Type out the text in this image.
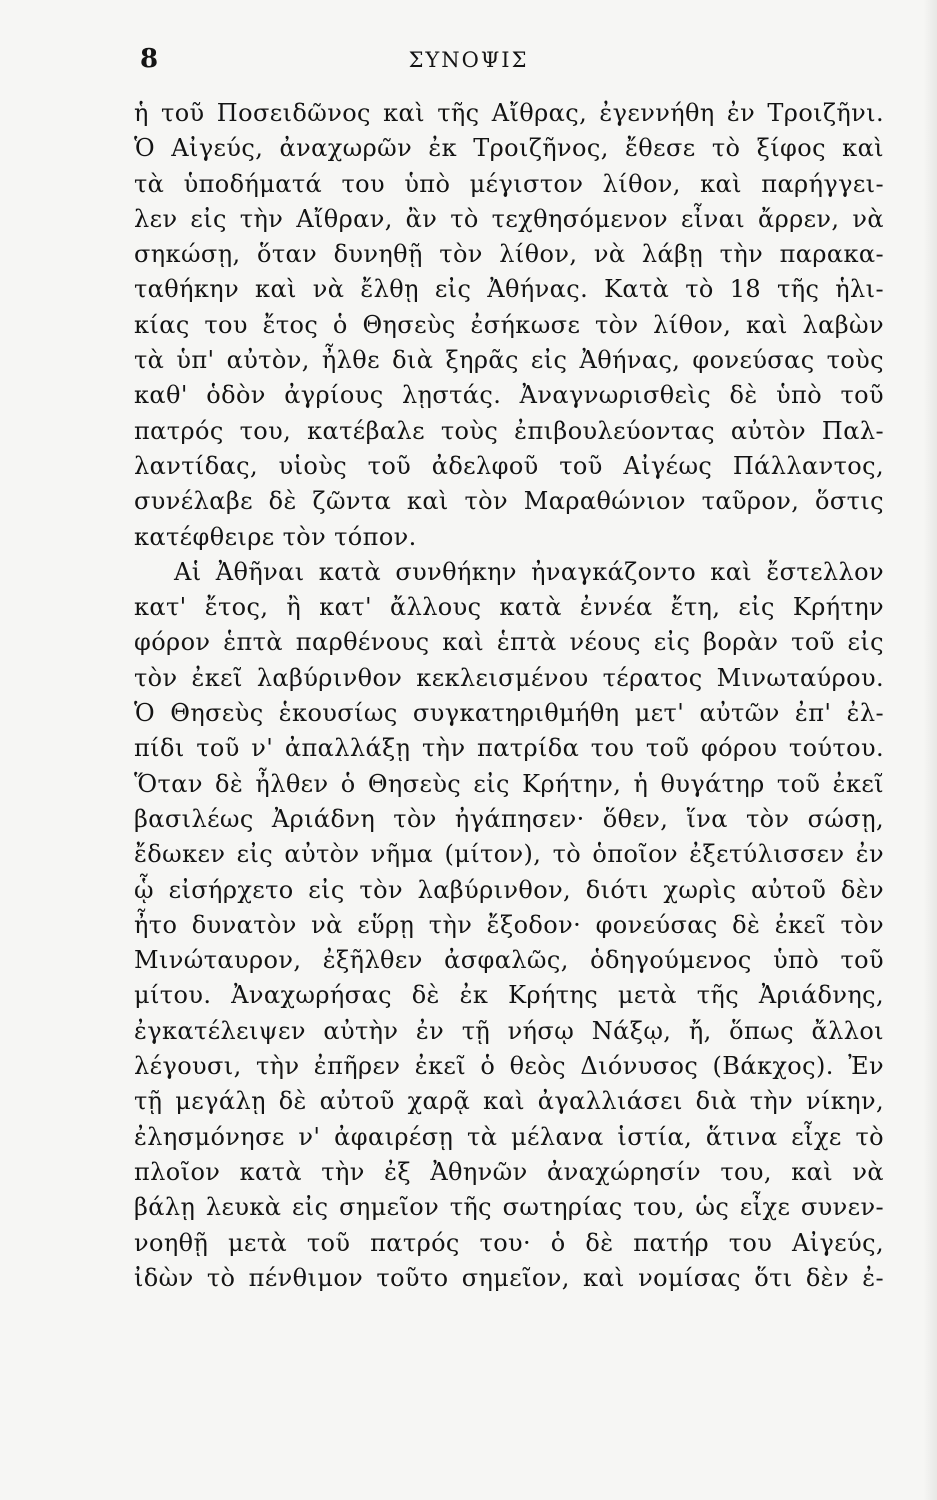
8	ΣΥΝΟΨΙΣ
ἡ τοῦ Ποσειδῶνος καὶ τῆς Αἴθρας, ἐγεννήθη ἐν Τροιζῆνι.
Ὁ Αἰγεύς, ἀναχωρῶν ἐκ Τροιζῆνος, ἔθεσε τὸ ξίφος καὶ
τὰ ὑποδήματά του ὑπὸ μέγιστον λίθον, καὶ παρήγγει-
λεν εἰς τὴν Αἴθραν, ἂν τὸ τεχθησόμενον εἶναι ἄρρεν, νὰ
σηκώσῃ, ὅταν δυνηθῇ τὸν λίθον, νὰ λάβῃ τὴν παρακα-
ταθήκην καὶ νὰ ἔλθῃ εἰς Ἀθήνας. Κατὰ τὸ 18 τῆς ἡλι-
κίας του ἔτος ὁ Θησεὺς ἐσήκωσε τὸν λίθον, καὶ λαβὼν
τὰ ὑπ' αὐτὸν, ἦλθε διὰ ξηρᾶς εἰς Ἀθήνας, φονεύσας τοὺς
καθ' ὁδὸν ἀγρίους λῃστάς. Ἀναγνωρισθεὶς δὲ ὑπὸ τοῦ
πατρός του, κατέβαλε τοὺς ἐπιβουλεύοντας αὐτὸν Παλ-
λαντίδας, υἱοὺς τοῦ ἀδελφοῦ τοῦ Αἰγέως Πάλλαντος,
συνέλαβε δὲ ζῶντα καὶ τὸν Μαραθώνιον ταῦρον, ὅστις
κατέφθειρε τὸν τόπον.
Αἱ Ἀθῆναι κατὰ συνθήκην ἠναγκάζοντο καὶ ἔστελλον
κατ' ἔτος, ἢ κατ' ἄλλους κατὰ ἐννέα ἔτη, εἰς Κρήτην
φόρον ἑπτὰ παρθένους καὶ ἑπτὰ νέους εἰς βορὰν τοῦ εἰς
τὸν ἐκεῖ λαβύρινθον κεκλεισμένου τέρατος Μινωταύρου.
Ὁ Θησεὺς ἑκουσίως συγκατηριθμήθη μετ' αὐτῶν ἐπ' ἐλ-
πίδι τοῦ ν' ἀπαλλάξῃ τὴν πατρίδα του τοῦ φόρου τούτου.
Ὅταν δὲ ἦλθεν ὁ Θησεὺς εἰς Κρήτην, ἡ θυγάτηρ τοῦ ἐκεῖ
βασιλέως Ἀριάδνη τὸν ἠγάπησεν· ὅθεν, ἵνα τὸν σώσῃ,
ἔδωκεν εἰς αὐτὸν νῆμα (μίτον), τὸ ὁποῖον ἐξετύλισσεν ἐν
ᾧ εἰσήρχετο εἰς τὸν λαβύρινθον, διότι χωρὶς αὐτοῦ δὲν
ἦτο δυνατὸν νὰ εὕρῃ τὴν ἔξοδον· φονεύσας δὲ ἐκεῖ τὸν
Μινώταυρον, ἐξῆλθεν ἀσφαλῶς, ὁδηγούμενος ὑπὸ τοῦ
μίτου. Ἀναχωρήσας δὲ ἐκ Κρήτης μετὰ τῆς Ἀριάδνης,
ἐγκατέλειψεν αὐτὴν ἐν τῇ νήσῳ Νάξῳ, ἤ, ὅπως ἄλλοι
λέγουσι, τὴν ἐπῆρεν ἐκεῖ ὁ θεὸς Διόνυσος (Βάκχος). Ἐν
τῇ μεγάλῃ δὲ αὐτοῦ χαρᾷ καὶ ἀγαλλιάσει διὰ τὴν νίκην,
ἐλησμόνησε ν' ἀφαιρέσῃ τὰ μέλανα ἱστία, ἅτινα εἶχε τὸ
πλοῖον κατὰ τὴν ἐξ Ἀθηνῶν ἀναχώρησίν του, καὶ νὰ
βάλῃ λευκὰ εἰς σημεῖον τῆς σωτηρίας του, ὡς εἶχε συνεν-
νοηθῇ μετὰ τοῦ πατρός του· ὁ δὲ πατήρ του Αἰγεύς,
ἰδὼν τὸ πένθιμον τοῦτο σημεῖον, καὶ νομίσας ὅτι δὲν ἐ-
